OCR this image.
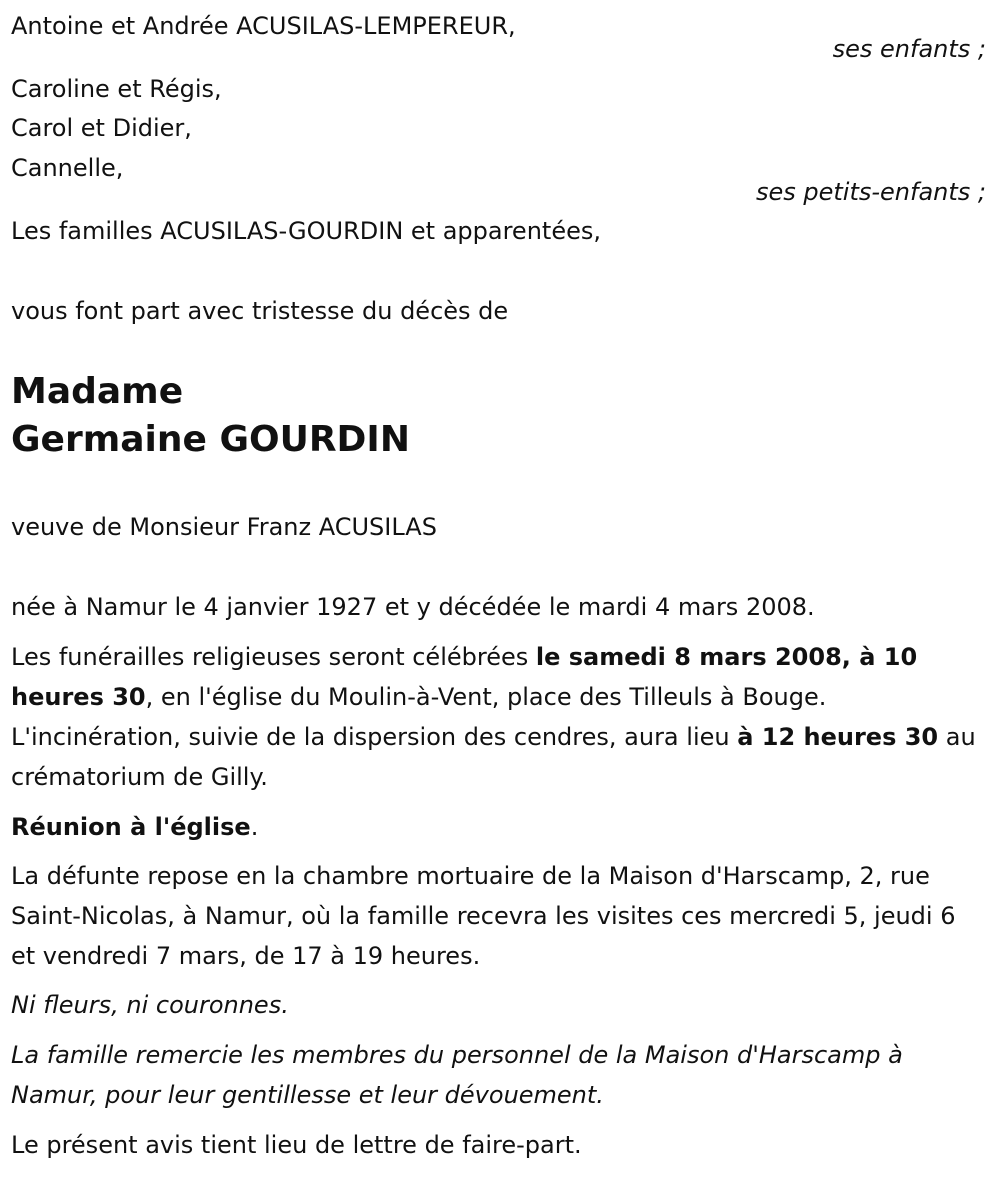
Antoine et Andrée ACUSILAS-LEMPEREUR,
ses enfants ;
Caroline et Régis,
Carol et Didier,
Cannelle,
ses petits-enfants ;
Les familles ACUSILAS-GOURDIN et apparentées,
vous font part avec tristesse du décès de
Madame
Germaine GOURDIN
veuve de Monsieur Franz ACUSILAS
née à Namur le 4 janvier 1927 et y décédée le mardi 4 mars 2008.
Les funérailles religieuses seront célébrées le samedi 8 mars 2008, à 10 heures 30, en l'église du Moulin-à-Vent, place des Tilleuls à Bouge. L'incinération, suivie de la dispersion des cendres, aura lieu à 12 heures 30 au crématorium de Gilly.
Réunion à l'église.
La défunte repose en la chambre mortuaire de la Maison d'Harscamp, 2, rue Saint-Nicolas, à Namur, où la famille recevra les visites ces mercredi 5, jeudi 6 et vendredi 7 mars, de 17 à 19 heures.
Ni fleurs, ni couronnes.
La famille remercie les membres du personnel de la Maison d'Harscamp à Namur, pour leur gentillesse et leur dévouement.
Le présent avis tient lieu de lettre de faire-part.
